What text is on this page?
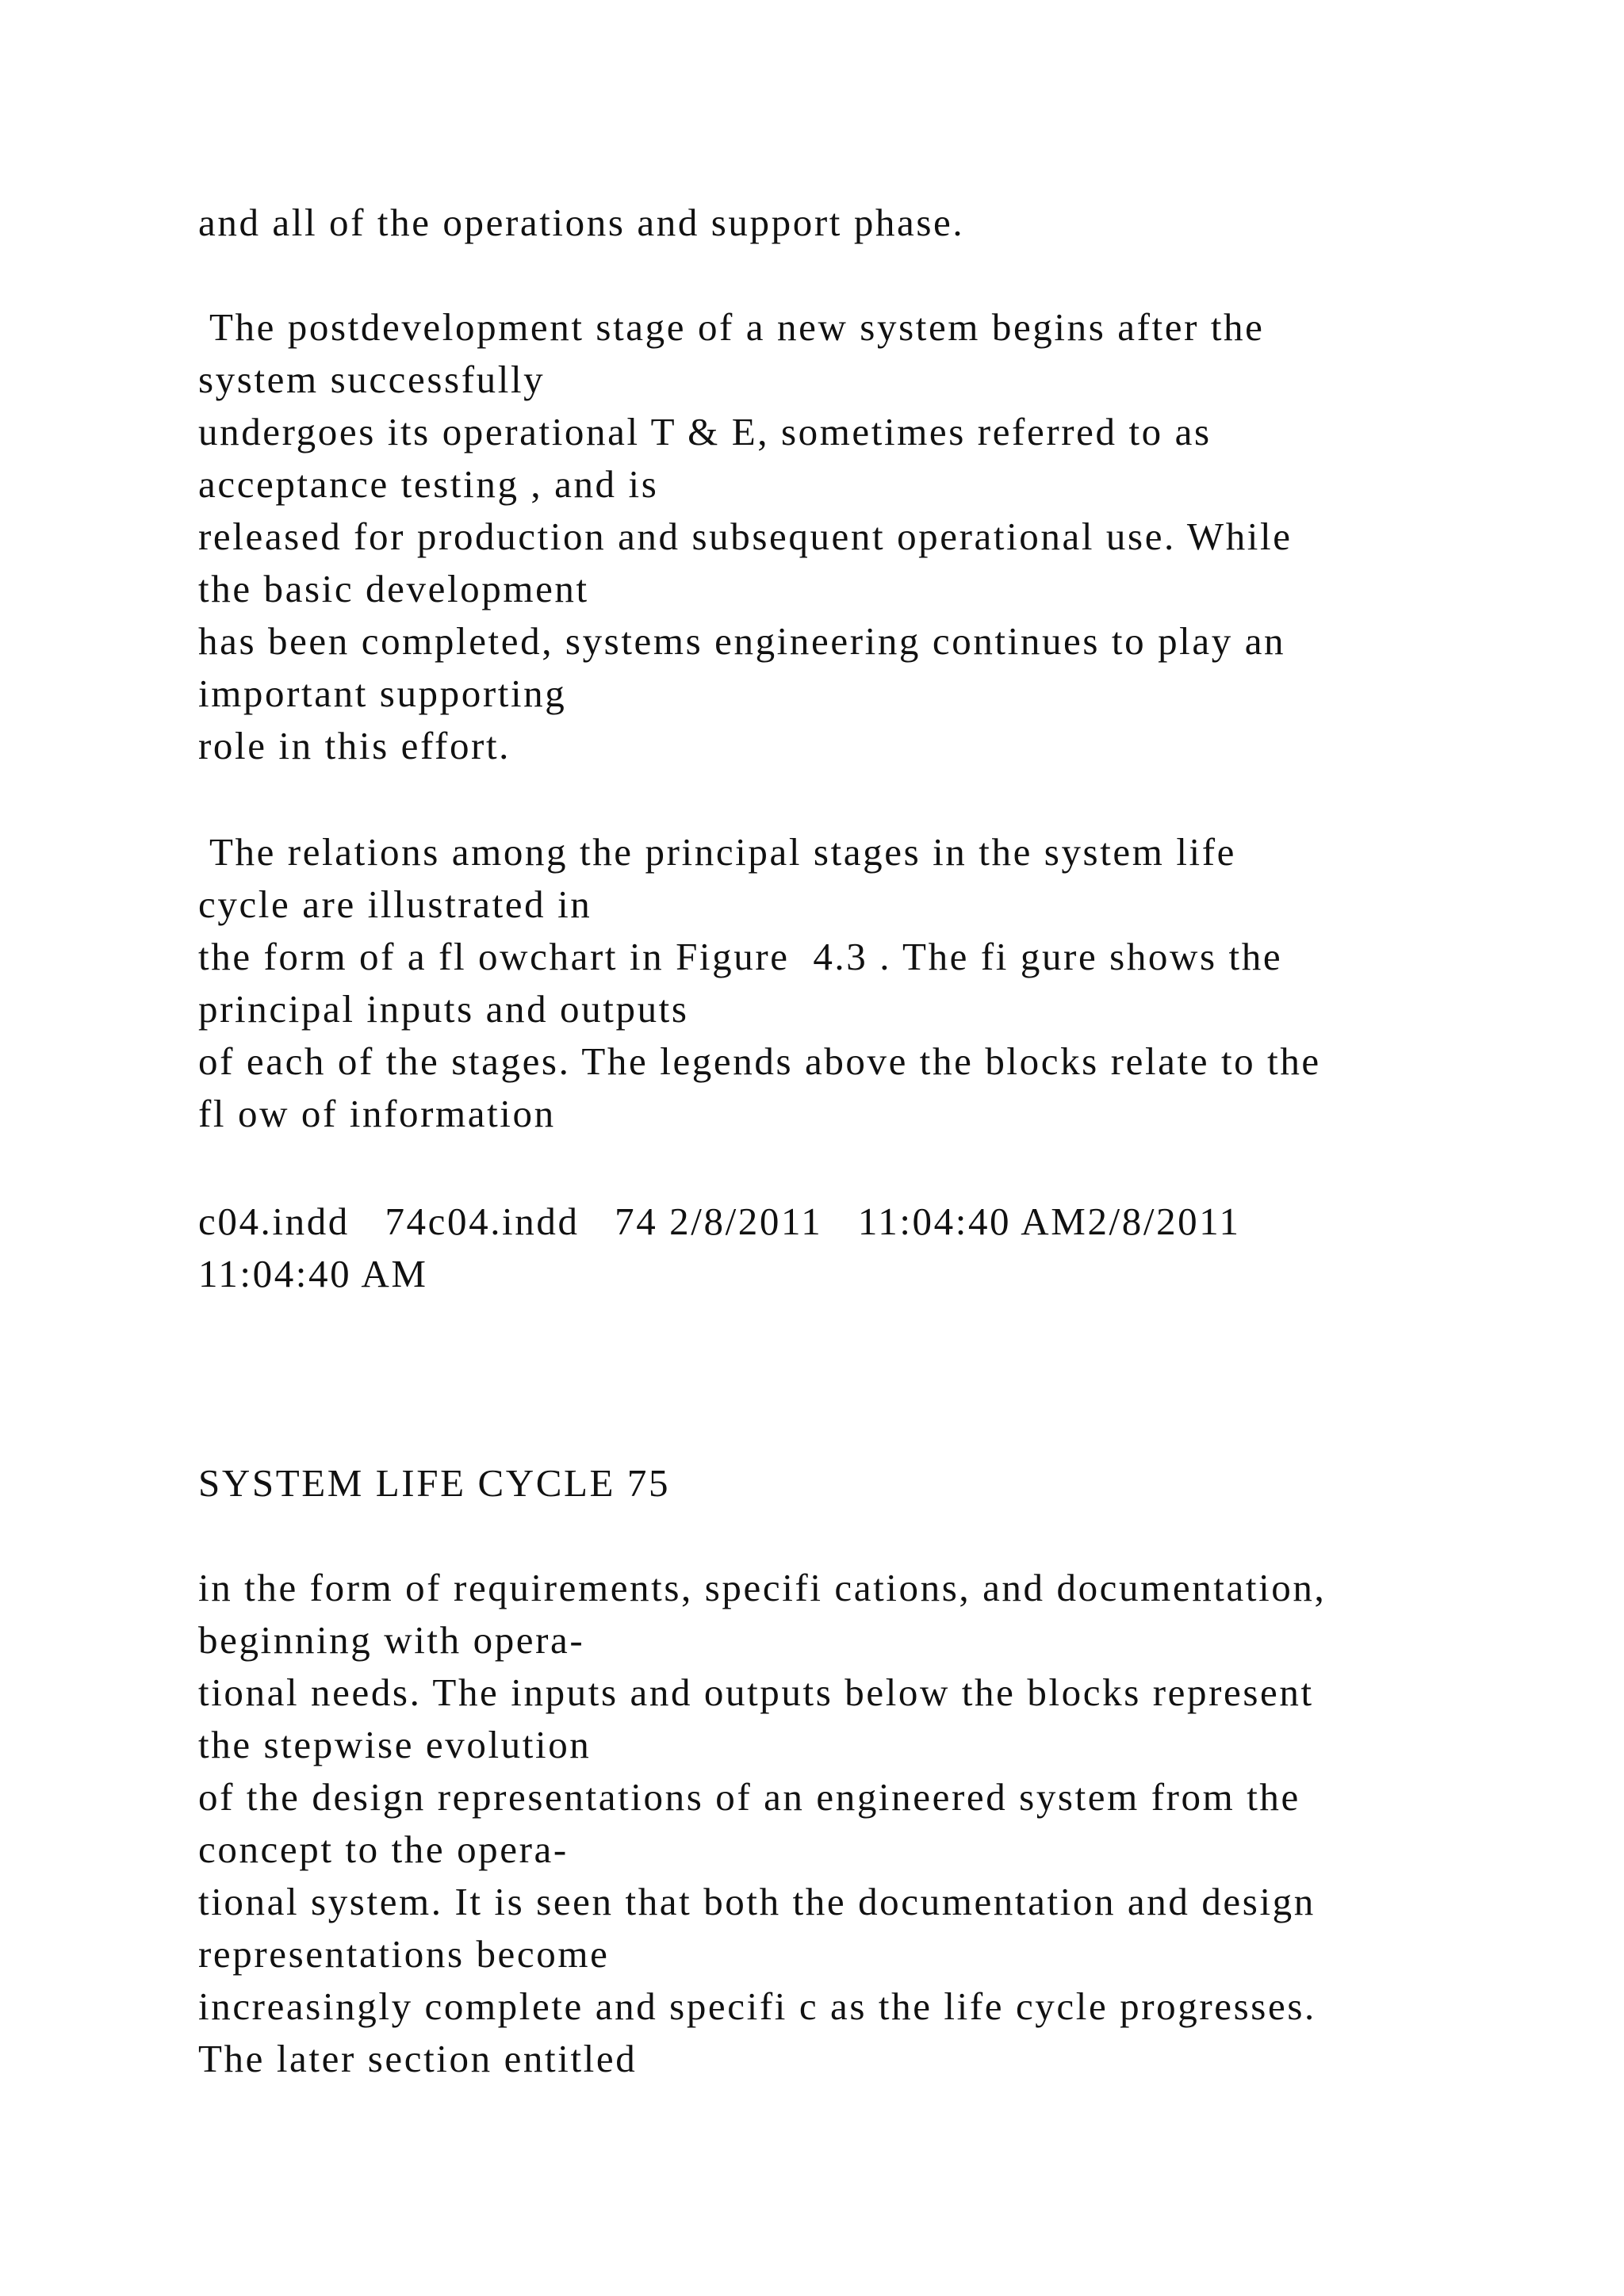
and all of the operations and support phase.
The postdevelopment stage of a new system begins after the
system successfully
undergoes its operational T & E, sometimes referred to as
acceptance testing , and is
released for production and subsequent operational use. While
the basic development
has been completed, systems engineering continues to play an
important supporting
role in this effort.
The relations among the principal stages in the system life
cycle are illustrated in
the form of a fl owchart in Figure  4.3 . The fi gure shows the
principal inputs and outputs
of each of the stages. The legends above the blocks relate to the
fl ow of information
c04.indd   74c04.indd   74 2/8/2011   11:04:40 AM2/8/2011
11:04:40 AM
SYSTEM LIFE CYCLE 75
in the form of requirements, specifi cations, and documentation,
beginning with opera-
tional needs. The inputs and outputs below the blocks represent
the stepwise evolution
of the design representations of an engineered system from the
concept to the opera-
tional system. It is seen that both the documentation and design
representations become
increasingly complete and specifi c as the life cycle progresses.
The later section entitled
